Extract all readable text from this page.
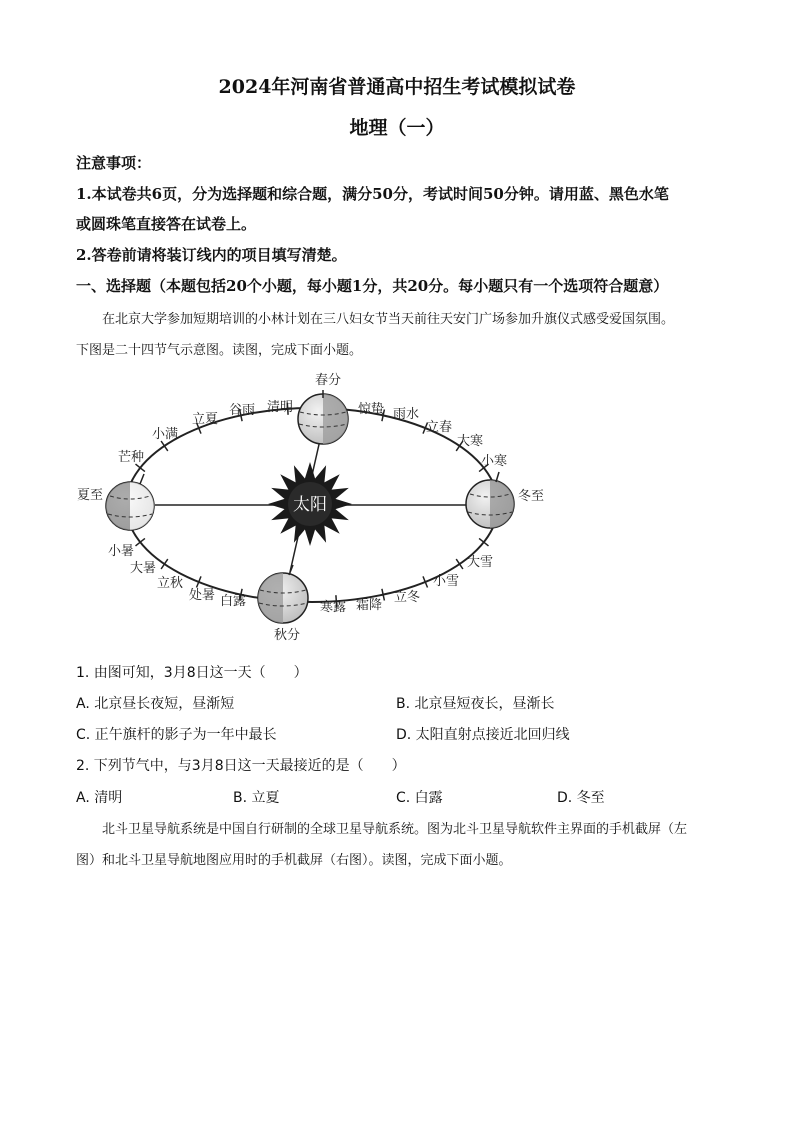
2024年河南省普通高中招生考试模拟试卷
地理（一）
注意事项：
1.本试卷共6页，分为选择题和综合题，满分50分，考试时间50分钟。请用蓝、黑色水笔
或圆珠笔直接答在试卷上。
2.答卷前请将装订线内的项目填写清楚。
一、选择题（本题包括20个小题，每小题1分，共20分。每小题只有一个选项符合题意）
在北京大学参加短期培训的小林计划在三八妇女节当天前往天安门广场参加升旗仪式感受爱国氛围。
下图是二十四节气示意图。读图，完成下面小题。
太阳
春分
秋分
夏至	冬至
惊蛰 雨水
立春
大寒
小寒
清明
谷雨
立夏
小满
芒种
小暑
大暑
立秋
处暑 白露	寒露 霜降
立冬
小雪
大雪
1. 由图可知，3月8日这一天（　　）
A. 北京昼长夜短，昼渐短	B. 北京昼短夜长，昼渐长
C. 正午旗杆的影子为一年中最长	D. 太阳直射点接近北回归线
2. 下列节气中，与3月8日这一天最接近的是（　　）
A. 清明	B. 立夏	C. 白露	D. 冬至
北斗卫星导航系统是中国自行研制的全球卫星导航系统。图为北斗卫星导航软件主界面的手机截屏（左
图）和北斗卫星导航地图应用时的手机截屏（右图）。读图，完成下面小题。
